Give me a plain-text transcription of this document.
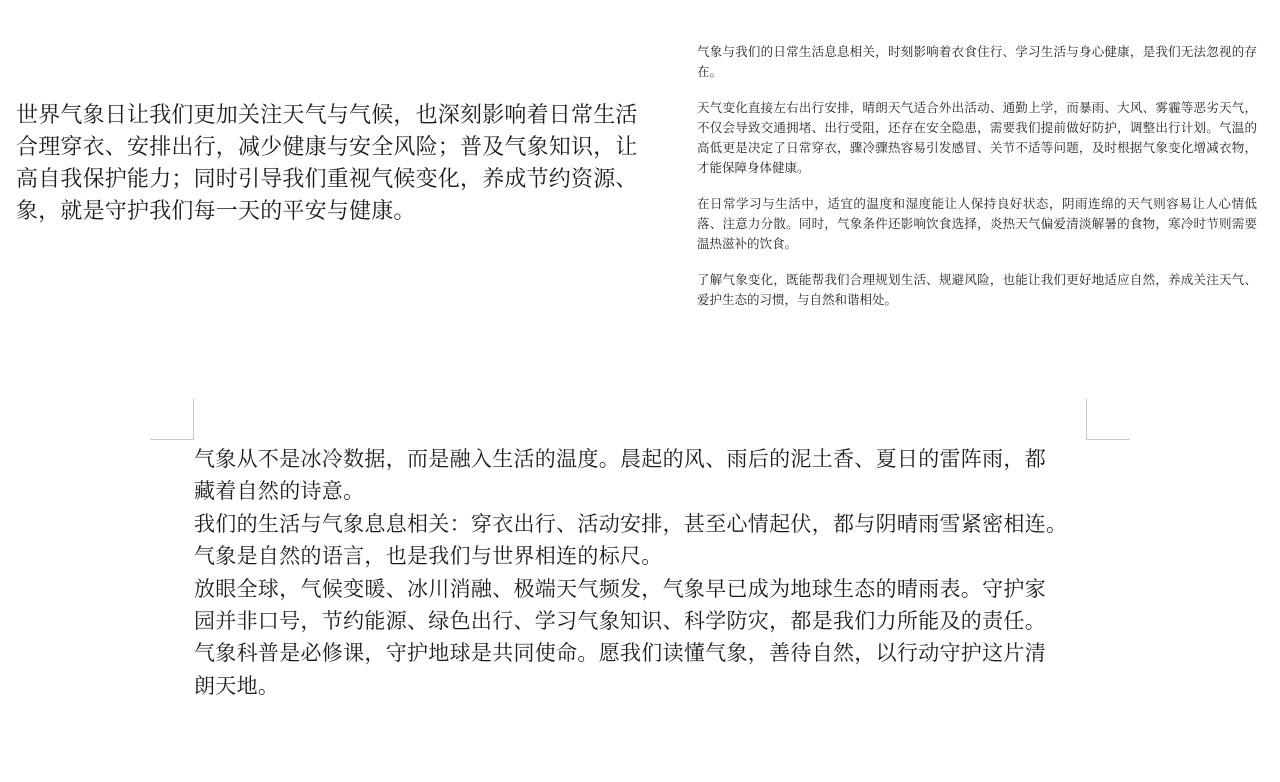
世界气象日让我们更加关注天气与气候，也深刻影响着日常生活
合理穿衣、安排出行，减少健康与安全风险；普及气象知识，让
高自我保护能力；同时引导我们重视气候变化，养成节约资源、
象，就是守护我们每一天的平安与健康。

气象与我们的日常生活息息相关，时刻影响着衣食住行、学习生活与身心健康，是我们无法忽视的存在。

天气变化直接左右出行安排，晴朗天气适合外出活动、通勤上学，而暴雨、大风、雾霾等恶劣天气，不仅会导致交通拥堵、出行受阻，还存在安全隐患，需要我们提前做好防护，调整出行计划。气温的高低更是决定了日常穿衣，骤冷骤热容易引发感冒、关节不适等问题，及时根据气象变化增减衣物，才能保障身体健康。

在日常学习与生活中，适宜的温度和湿度能让人保持良好状态，阴雨连绵的天气则容易让人心情低落、注意力分散。同时，气象条件还影响饮食选择，炎热天气偏爱清淡解暑的食物，寒冷时节则需要温热滋补的饮食。

了解气象变化，既能帮我们合理规划生活、规避风险，也能让我们更好地适应自然，养成关注天气、爱护生态的习惯，与自然和谐相处。

气象从不是冰冷数据，而是融入生活的温度。晨起的风、雨后的泥土香、夏日的雷阵雨，都
藏着自然的诗意。
我们的生活与气象息息相关：穿衣出行、活动安排，甚至心情起伏，都与阴晴雨雪紧密相连。
气象是自然的语言，也是我们与世界相连的标尺。
放眼全球，气候变暖、冰川消融、极端天气频发，气象早已成为地球生态的晴雨表。守护家
园并非口号，节约能源、绿色出行、学习气象知识、科学防灾，都是我们力所能及的责任。
气象科普是必修课，守护地球是共同使命。愿我们读懂气象，善待自然，以行动守护这片清
朗天地。
